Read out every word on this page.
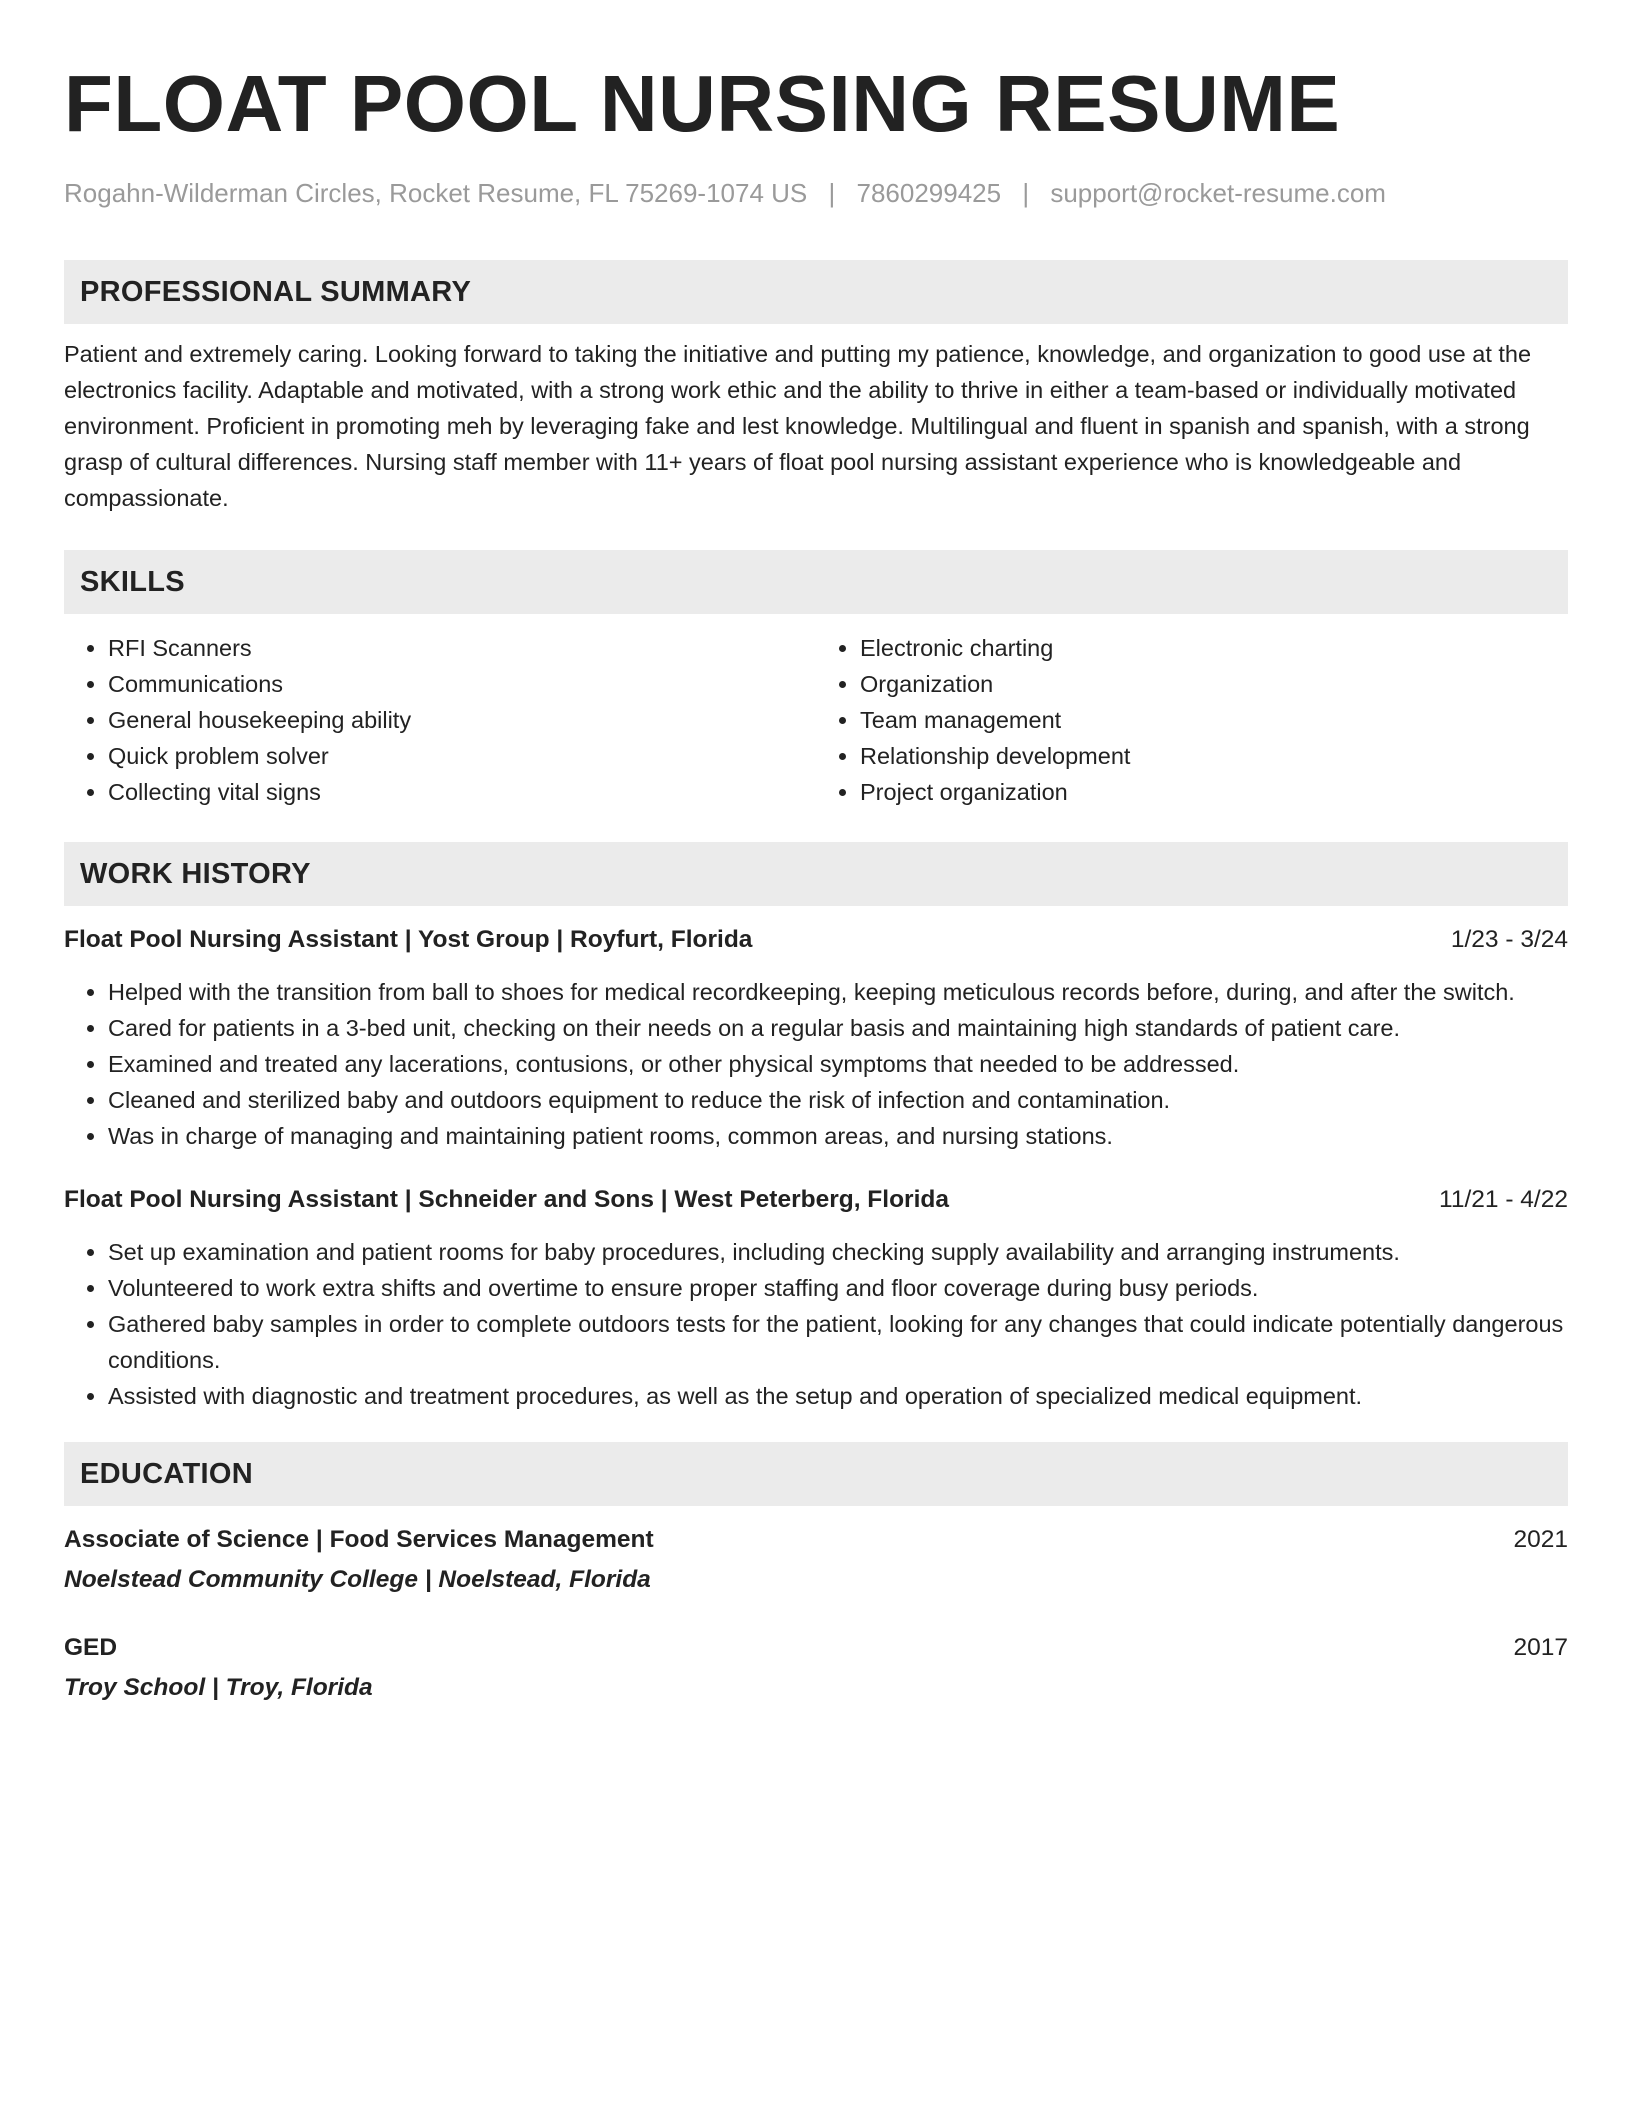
FLOAT POOL NURSING RESUME
Rogahn-Wilderman Circles, Rocket Resume, FL 75269-1074 US | 7860299425 | support@rocket-resume.com
PROFESSIONAL SUMMARY
Patient and extremely caring. Looking forward to taking the initiative and putting my patience, knowledge, and organization to good use at the electronics facility. Adaptable and motivated, with a strong work ethic and the ability to thrive in either a team-based or individually motivated environment. Proficient in promoting meh by leveraging fake and lest knowledge. Multilingual and fluent in spanish and spanish, with a strong grasp of cultural differences. Nursing staff member with 11+ years of float pool nursing assistant experience who is knowledgeable and compassionate.
SKILLS
• RFI Scanners
• Communications
• General housekeeping ability
• Quick problem solver
• Collecting vital signs
• Electronic charting
• Organization
• Team management
• Relationship development
• Project organization
WORK HISTORY
Float Pool Nursing Assistant | Yost Group | Royfurt, Florida	1/23 - 3/24
• Helped with the transition from ball to shoes for medical recordkeeping, keeping meticulous records before, during, and after the switch.
• Cared for patients in a 3-bed unit, checking on their needs on a regular basis and maintaining high standards of patient care.
• Examined and treated any lacerations, contusions, or other physical symptoms that needed to be addressed.
• Cleaned and sterilized baby and outdoors equipment to reduce the risk of infection and contamination.
• Was in charge of managing and maintaining patient rooms, common areas, and nursing stations.
Float Pool Nursing Assistant | Schneider and Sons | West Peterberg, Florida	11/21 - 4/22
• Set up examination and patient rooms for baby procedures, including checking supply availability and arranging instruments.
• Volunteered to work extra shifts and overtime to ensure proper staffing and floor coverage during busy periods.
• Gathered baby samples in order to complete outdoors tests for the patient, looking for any changes that could indicate potentially dangerous conditions.
• Assisted with diagnostic and treatment procedures, as well as the setup and operation of specialized medical equipment.
EDUCATION
Associate of Science | Food Services Management	2021
Noelstead Community College | Noelstead, Florida
GED	2017
Troy School | Troy, Florida
